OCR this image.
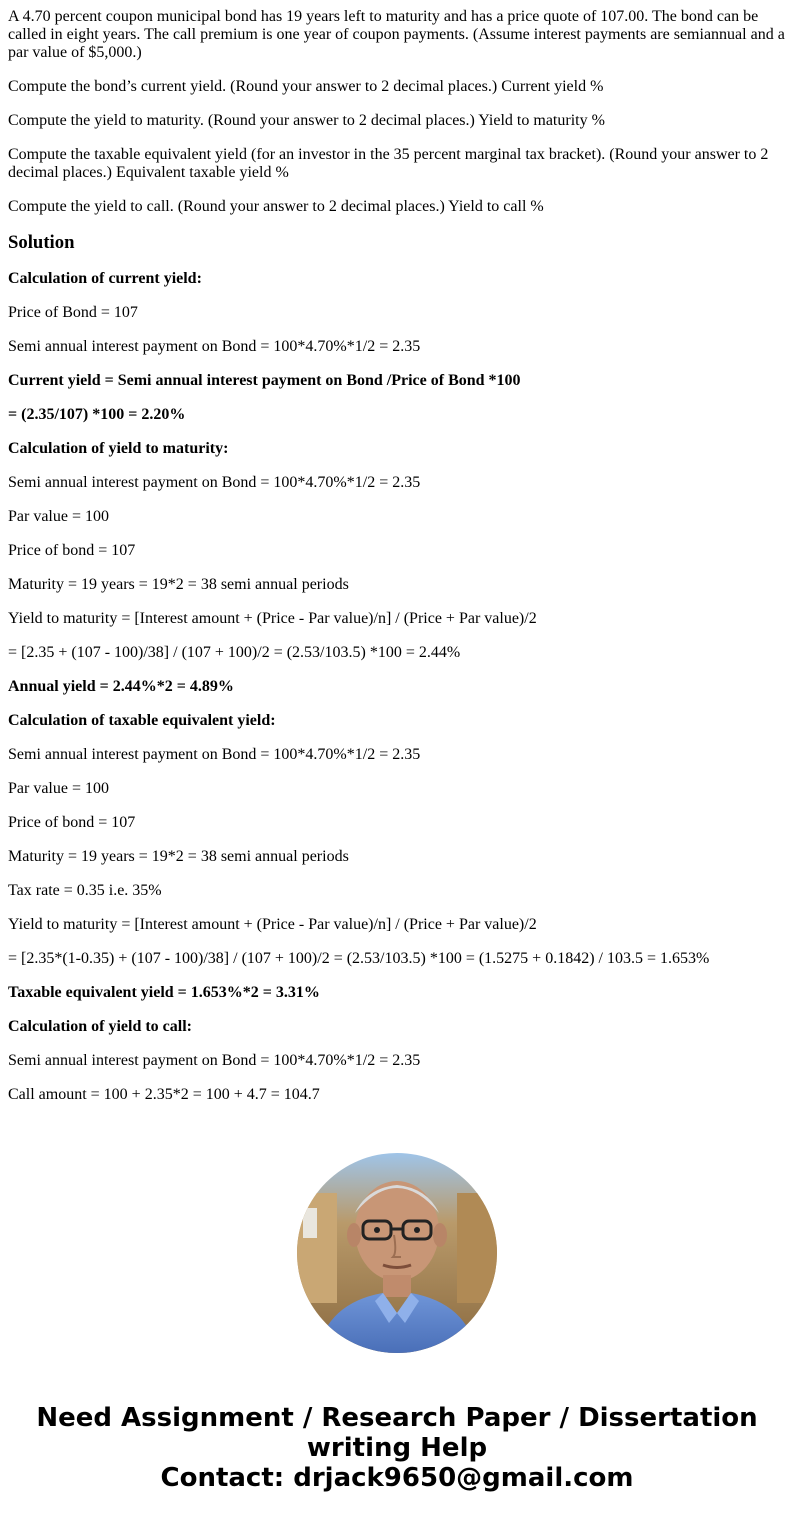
A 4.70 percent coupon municipal bond has 19 years left to maturity and has a price quote of 107.00. The bond can be called in eight years. The call premium is one year of coupon payments. (Assume interest payments are semiannual and a par value of $5,000.)

Compute the bond’s current yield. (Round your answer to 2 decimal places.) Current yield %

Compute the yield to maturity. (Round your answer to 2 decimal places.) Yield to maturity %

Compute the taxable equivalent yield (for an investor in the 35 percent marginal tax bracket). (Round your answer to 2 decimal places.) Equivalent taxable yield %

Compute the yield to call. (Round your answer to 2 decimal places.) Yield to call %

Solution

Calculation of current yield:

Price of Bond = 107

Semi annual interest payment on Bond = 100*4.70%*1/2 = 2.35

Current yield = Semi annual interest payment on Bond /Price of Bond *100

= (2.35/107) *100 = 2.20%

Calculation of yield to maturity:

Semi annual interest payment on Bond = 100*4.70%*1/2 = 2.35

Par value = 100

Price of bond = 107

Maturity = 19 years = 19*2 = 38 semi annual periods

Yield to maturity = [Interest amount + (Price - Par value)/n] / (Price + Par value)/2

= [2.35 + (107 - 100)/38] / (107 + 100)/2 = (2.53/103.5) *100 = 2.44%

Annual yield = 2.44%*2 = 4.89%

Calculation of taxable equivalent yield:

Semi annual interest payment on Bond = 100*4.70%*1/2 = 2.35

Par value = 100

Price of bond = 107

Maturity = 19 years = 19*2 = 38 semi annual periods

Tax rate = 0.35 i.e. 35%

Yield to maturity = [Interest amount + (Price - Par value)/n] / (Price + Par value)/2

= [2.35*(1-0.35) + (107 - 100)/38] / (107 + 100)/2 = (2.53/103.5) *100 = (1.5275 + 0.1842) / 103.5 = 1.653%

Taxable equivalent yield = 1.653%*2 = 3.31%

Calculation of yield to call:

Semi annual interest payment on Bond = 100*4.70%*1/2 = 2.35

Call amount = 100 + 2.35*2 = 100 + 4.7 = 104.7

Need Assignment / Research Paper / Dissertation
writing Help
Contact: drjack9650@gmail.com
